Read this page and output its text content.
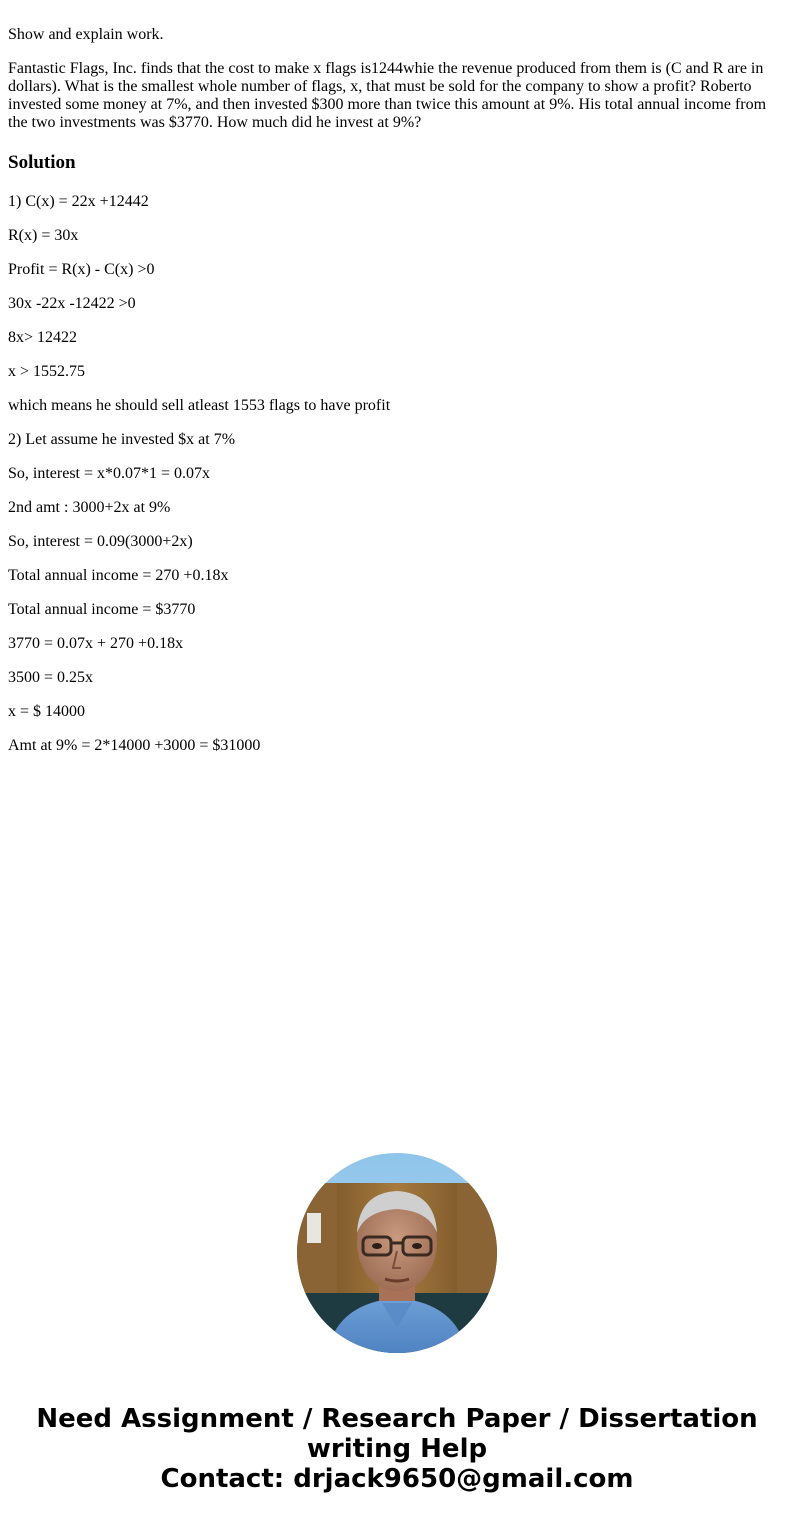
Show and explain work.

Fantastic Flags, Inc. finds that the cost to make x flags is1244whie the revenue produced from them is (C and R are in dollars). What is the smallest whole number of flags, x, that must be sold for the company to show a profit? Roberto invested some money at 7%, and then invested $300 more than twice this amount at 9%. His total annual income from the two investments was $3770. How much did he invest at 9%?

Solution
1) C(x) = 22x +12442
R(x) = 30x
Profit = R(x) - C(x) >0
30x -22x -12422 >0
8x> 12422
x > 1552.75
which means he should sell atleast 1553 flags to have profit
2) Let assume he invested $x at 7%
So, interest = x*0.07*1 = 0.07x
2nd amt : 3000+2x at 9%
So, interest = 0.09(3000+2x)
Total annual income = 270 +0.18x
Total annual income = $3770
3770 = 0.07x + 270 +0.18x
3500 = 0.25x
x = $ 14000
Amt at 9% = 2*14000 +3000 = $31000
Need Assignment / Research Paper / Dissertation
writing Help
Contact: drjack9650@gmail.com
